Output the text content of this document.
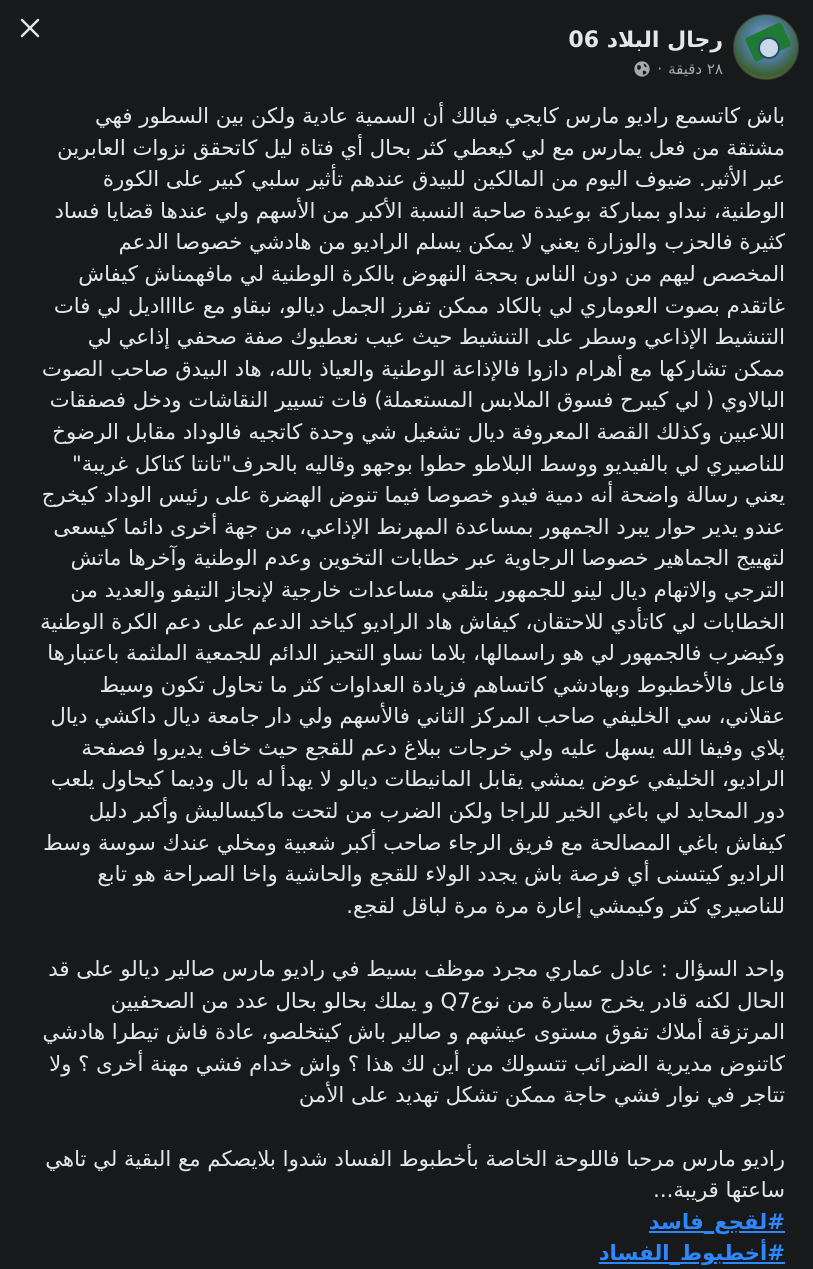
رجال البلاد 06
٢٨ دقيقة
·

باش كاتسمع راديو مارس كايجي فبالك أن السمية عادية ولكن بين السطور فهي مشتقة من فعل يمارس مع لي كيعطي كثر بحال أي فتاة ليل كاتحقق نزوات العابرين عبر الأثير. ضيوف اليوم من المالكين للبيدق عندهم تأثير سلبي كبير على الكورة الوطنية، نبداو بمباركة بوعيدة صاحبة النسبة الأكبر من الأسهم ولي عندها قضايا فساد كثيرة فالحزب والوزارة يعني لا يمكن يسلم الراديو من هادشي خصوصا الدعم المخصص ليهم من دون الناس بحجة النهوض بالكرة الوطنية لي مافهمناش كيفاش غاتقدم بصوت العوماري لي بالكاد ممكن تفرز الجمل ديالو، نبقاو مع عااااديل لي فات التنشيط الإذاعي وسطر على التنشيط حيث عيب نعطيوك صفة صحفي إذاعي لي ممكن تشاركها مع أهرام دازوا فالإذاعة الوطنية والعياذ بالله، هاد البيدق صاحب الصوت البالاوي ( لي كيبرح فسوق الملابس المستعملة) فات تسيير النقاشات ودخل فصفقات اللاعبين وكذلك القصة المعروفة ديال تشغيل شي وحدة كاتجيه فالوداد مقابل الرضوخ للناصيري لي بالفيديو ووسط البلاطو حطوا بوجهو وقاليه بالحرف"تانتا كتاكل غريبة" يعني رسالة واضحة أنه دمية فيدو خصوصا فيما تنوض الهضرة على رئيس الوداد كيخرج عندو يدير حوار يبرد الجمهور بمساعدة المهرنط الإذاعي، من جهة أخرى دائما كيسعى لتهييج الجماهير خصوصا الرجاوية عبر خطابات التخوين وعدم الوطنية وآخرها ماتش الترجي والاتهام ديال لينو للجمهور بتلقي مساعدات خارجية لإنجاز التيفو والعديد من الخطابات لي كاتأدي للاحتقان، كيفاش هاد الراديو كياخد الدعم على دعم الكرة الوطنية وكيضرب فالجمهور لي هو راسمالها، بلاما نساو التحيز الدائم للجمعية الملثمة باعتبارها فاعل فالأخطبوط وبهادشي كاتساهم فزيادة العداوات كثر ما تحاول تكون وسيط عقلاني، سي الخليفي صاحب المركز الثاني فالأسهم ولي دار جامعة ديال داكشي ديال پلاي وفيفا الله يسهل عليه ولي خرجات ببلاغ دعم للقجع حيث خاف يديروا فصفحة الراديو، الخليفي عوض يمشي يقابل المانيطات ديالو لا يهدأ له بال وديما كيحاول يلعب دور المحايد لي باغي الخير للراجا ولكن الضرب من لتحت ماكيساليش وأكبر دليل كيفاش باغي المصالحة مع فريق الرجاء صاحب أكبر شعبية ومخلي عندك سوسة وسط الراديو كيتسنى أي فرصة باش يجدد الولاء للقجع والحاشية واخا الصراحة هو تابع للناصيري كثر وكيمشي إعارة مرة مرة لباقل لقجع.

واحد السؤال : عادل عماري مجرد موظف بسيط في راديو مارس صالير ديالو على قد الحال لكنه قادر يخرج سيارة من نوعQ7 و يملك بحالو بحال عدد من الصحفيين المرتزقة أملاك تفوق مستوى عيشهم و صالير باش كيتخلصو، عادة فاش تيطرا هادشي كاتنوض مديرية الضرائب تتسولك من أين لك هذا ؟ واش خدام فشي مهنة أخرى ؟ ولا تتاجر في نوار فشي حاجة ممكن تشكل تهديد على الأمن

راديو مارس مرحبا فاللوحة الخاصة بأخطبوط الفساد شدوا بلايصكم مع البقية لي تاهي ساعتها قريبة...

#لقجع_فاسد

#أخطبوط_الفساد
